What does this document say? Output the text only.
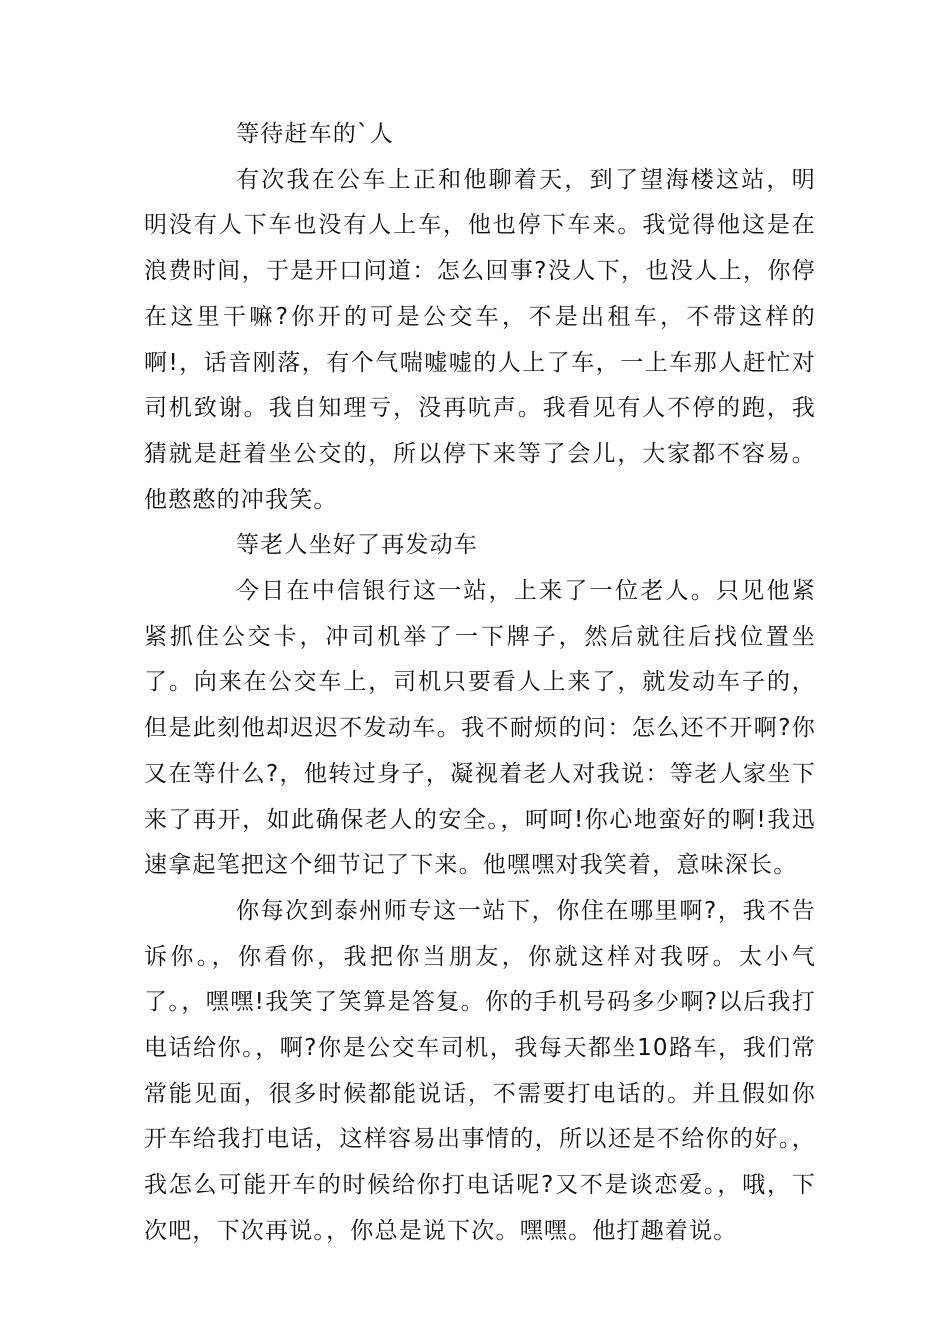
等待赶车的`人

有次我在公车上正和他聊着天，到了望海楼这站，明明没有人下车也没有人上车，他也停下车来。我觉得他这是在浪费时间，于是开口问道：怎么回事?没人下，也没人上，你停在这里干嘛?你开的可是公交车，不是出租车，不带这样的啊!，话音刚落，有个气喘嘘嘘的人上了车，一上车那人赶忙对司机致谢。我自知理亏，没再吭声。我看见有人不停的跑，我猜就是赶着坐公交的，所以停下来等了会儿，大家都不容易。他憨憨的冲我笑。

等老人坐好了再发动车

今日在中信银行这一站，上来了一位老人。只见他紧紧抓住公交卡，冲司机举了一下牌子，然后就往后找位置坐了。向来在公交车上，司机只要看人上来了，就发动车子的，但是此刻他却迟迟不发动车。我不耐烦的问：怎么还不开啊?你又在等什么?，他转过身子，凝视着老人对我说：等老人家坐下来了再开，如此确保老人的安全。，呵呵!你心地蛮好的啊!我迅速拿起笔把这个细节记了下来。他嘿嘿对我笑着，意味深长。

你每次到泰州师专这一站下，你住在哪里啊?，我不告诉你。，你看你，我把你当朋友，你就这样对我呀。太小气了。，嘿嘿!我笑了笑算是答复。你的手机号码多少啊?以后我打电话给你。，啊?你是公交车司机，我每天都坐10路车，我们常常能见面，很多时候都能说话，不需要打电话的。并且假如你开车给我打电话，这样容易出事情的，所以还是不给你的好。，我怎么可能开车的时候给你打电话呢?又不是谈恋爱。，哦，下次吧，下次再说。，你总是说下次。嘿嘿。他打趣着说。
